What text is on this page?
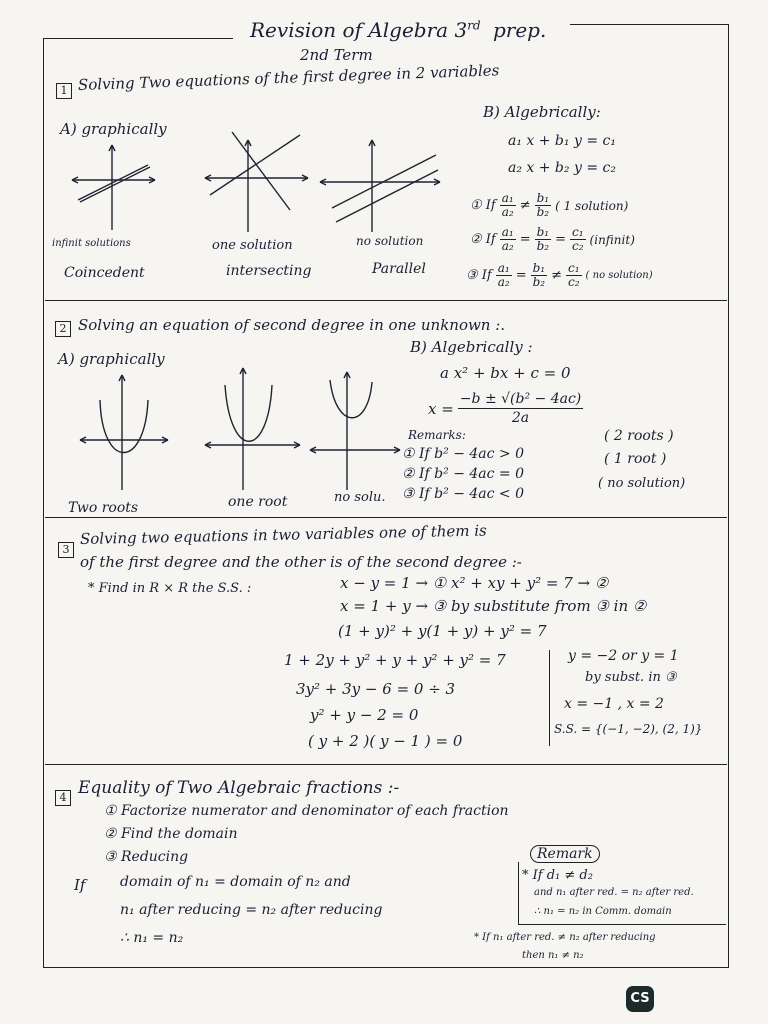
Revision of Algebra 3rd prep.
2nd Term
1 Solving Two equations of the first degree in 2 variables
A) graphically
B) Algebrically:
a₁ x + b₁ y = c₁
a₂ x + b₂ y = c₂
infinit solutions
Coincedent
one solution
intersecting
no solution
Parallel
① If $\frac{\text{a₁}}{\text{a₂}} \ne \frac{\text{b₁}}{\text{b₂}}$ ( 1 solution)
② If $\frac{\text{a₁}}{\text{a₂}} = \frac{\text{b₁}}{\text{b₂}} = \frac{\text{c₁}}{\text{c₂}}$ (infinit)
③ If $\frac{\text{a₁}}{\text{a₂}} = \frac{\text{b₁}}{\text{b₂}} \ne \frac{\text{c₁}}{\text{c₂}}$ ( no solution)
2 Solving an equation of second degree in one unknown :.
A) graphically
B) Algebrically :
a x² + bx + c = 0
$x = \frac{\text{−b ± √(b² − 4ac)}}{2a}$
Two roots	one root	no solu.
Remarks:
① If b² − 4ac > 0
( 2 roots )
② If b² − 4ac = 0
( 1 root )
③ If b² − 4ac < 0
( no solution)
3
Solving two equations in two variables one of them is
of the first degree and the other is of the second degree :-
* Find in R × R the S.S. :	x − y = 1 → ① x² + xy + y² = 7 → ②
x = 1 + y → ③ by substitute from ③ in ②
(1 + y)² + y(1 + y) + y² = 7
1 + 2y + y² + y + y² + y² = 7
3y² + 3y − 6 = 0 ÷ 3
y² + y − 2 = 0
( y + 2 )( y − 1 ) = 0
y = −2 or y = 1
by subst. in ③
x = −1 , x = 2
S.S. = {(−1, −2), (2, 1)}
4 Equality of Two Algebraic fractions :-
① Factorize numerator and denominator of each fraction
② Find the domain
③ Reducing
If domain of n₁ = domain of n₂ and
n₁ after reducing = n₂ after reducing
∴ n₁ = n₂
Remark
* If d₁ ≠ d₂
and n₁ after red. = n₂ after red.
∴ n₁ = n₂ in Comm. domain
* If n₁ after red. ≠ n₂ after reducing
then n₁ ≠ n₂
CS
